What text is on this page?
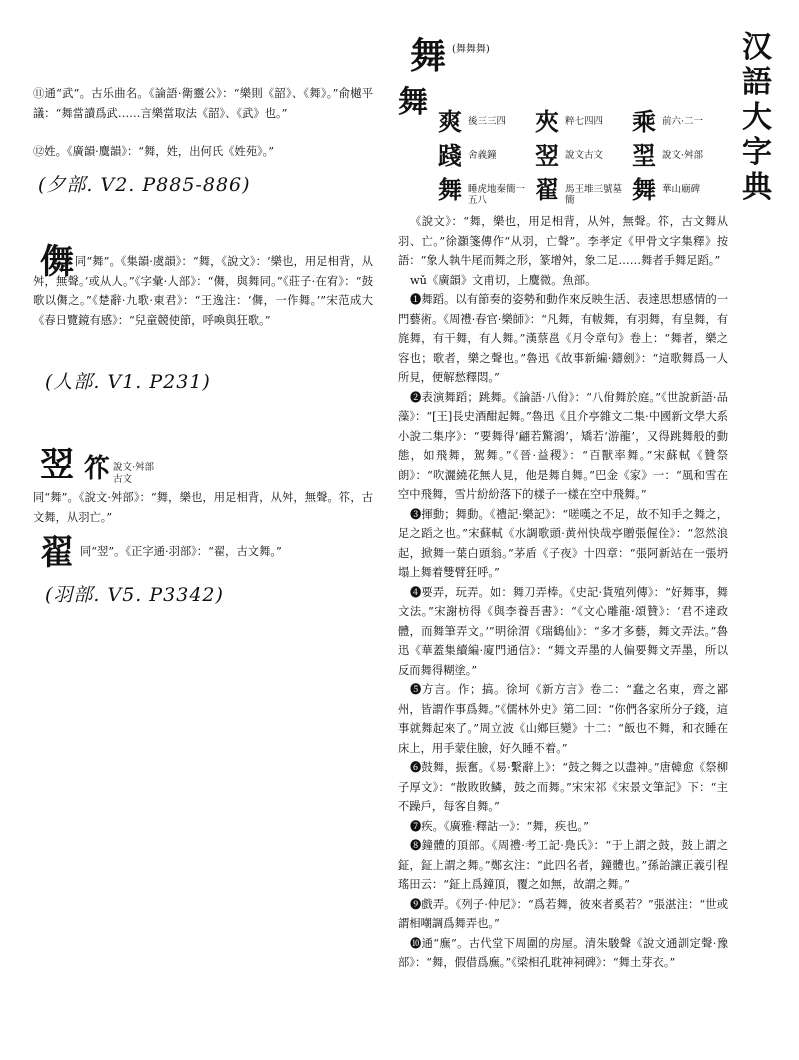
⑪通“武”。古乐曲名。《論語·衛靈公》：“樂則《韶》、《舞》。”俞樾平議：“舞當讀爲武……言樂當取法《韶》、《武》也。”
⑫姓。《廣韻·麌韻》：“舞，姓，出何氏《姓苑》。”
(夕部. V2. P885-886)
儛 同“舞”。《集韻·虞韻》：“舞，《說文》：‘樂也，用足相背，从舛，無聲。’或从人。”《字彙·人部》：“儛，與舞同。”《莊子·在宥》：“鼓歌以儛之。”《楚辭·九歌·東君》：“王逸注：‘儛，一作舞。’”宋范成大《春日覽鏡有感》：“兒童競使節，呼喚與狂歌。”
(人部. V1. P231)
翌 䇚 說文·舛部
古文
同“舞”。《說文·舛部》：“舞，樂也，用足相背，从舛，無聲。䇚，古文舞，从羽亡。”
翟 同“翌”。《正字通·羽部》：“翟，古文舞。”
(羽部. V5. P3342)
舞 (舞舞舞)
舞
爽 後三三四	夾 粹七四四	乘 前六·二一
踐 舍義鐘	翌 說文古文	䍿 說文·舛部
舞 睡虎地秦簡一五八	翟 馬王堆三號墓簡	舞 華山廟碑
汉
語
大
字
典
《說文》：“舞，樂也，用足相背，从舛，無聲。䇚，古文舞从羽、亡。”徐灝箋傳作“从羽，亡聲”。李孝定《甲骨文字集釋》按語：“象人執牛尾而舞之形，篆增舛，象二足……舞者手舞足蹈。”
wǔ《廣韻》文甫切，上麌微。魚部。
❶舞蹈。以有節奏的姿勢和動作來反映生活、表達思想感情的一門藝術。《周禮·春官·樂師》：“凡舞，有帗舞，有羽舞，有皇舞，有旄舞，有干舞，有人舞。”漢蔡邕《月令章句》卷上：“舞者，樂之容也；歌者，樂之聲也。”魯迅《故事新編·鑄劍》：“這歌舞爲一人所見，便解愁釋悶。”
❷表演舞蹈；跳舞。《論語·八佾》：“八佾舞於庭。”《世說新語·品藻》：“[王]長史酒酣起舞。”魯迅《且介亭雜文二集·中國新文學大系小說二集序》：“要舞得‘翩若驚鴻’，矯若‘游龍’，又得跳舞般的動態，如飛舞，駕舞。”《晉·益稷》：“百獸率舞。”宋蘇軾《贊祭朗》：“吹灑繞花無人見，他是舞自舞。”巴金《家》一：“風和雪在空中飛舞，雪片紛紛落下的樣子一樣在空中飛舞。”
❸揮動；舞動。《禮記·樂記》：“嗟嘆之不足，故不知手之舞之，足之蹈之也。”宋蘇軾《水調歌頭·黄州快哉亭贈張偓佺》：“忽然浪起，掀舞一葉白頭翁。”茅盾《子夜》十四章：“張阿新站在一張坍塌上舞着雙臂狂呼。”
❹要弄，玩弄。如：舞刀弄棒。《史記·貨殖列傳》：“好舞事，舞文法。”宋謝枋得《與李養吾書》：“《文心雕龍·頌贊》：‘君不達政體，而舞筆弄文。’”明徐渭《瑞鶴仙》：“多才多藝，舞文弄法。”魯迅《華蓋集續編·廈門通信》：“舞文弄墨的人偏要舞文弄墨，所以反而舞得糊塗。”
❺方言。作；搞。徐坷《新方言》卷二：“蠢之名東，齊之鄙州，皆謂作事爲舞。”《儒林外史》第二回：“你們各家所分子錢，這事就舞起來了。”周立波《山鄉巨變》十二：“飯也不舞，和衣睡在床上，用手蒙住臉，好久睡不着。”
❻鼓舞，振奮。《易·繫辭上》：“鼓之舞之以盡神。”唐韓愈《祭柳子厚文》：“散敗敗鱗，鼓之而舞。”宋宋祁《宋景文筆記》下：“主不躁戶，每客自舞。”
❼疾。《廣雅·釋詁一》：“舞，疾也。”
❽鐘體的頂部。《周禮·考工記·鳧氏》：“于上謂之鼓，鼓上謂之鉦，鉦上謂之舞。”鄭玄注：“此四名者，鐘體也。”孫詒讓正義引程瑤田云：“鉦上爲鐘頂，覆之如無，故謂之舞。”
❾戲弄。《列子·仲尼》：“爲若舞，彼來者奚若？”張湛注：“世或謂相嘲調爲舞弄也。”
❿通“廡”。古代堂下周圍的房屋。清朱駿聲《說文通訓定聲·豫部》：“舞，假借爲廡。”《梁相孔耽神祠碑》：“舞土芽衣。”
